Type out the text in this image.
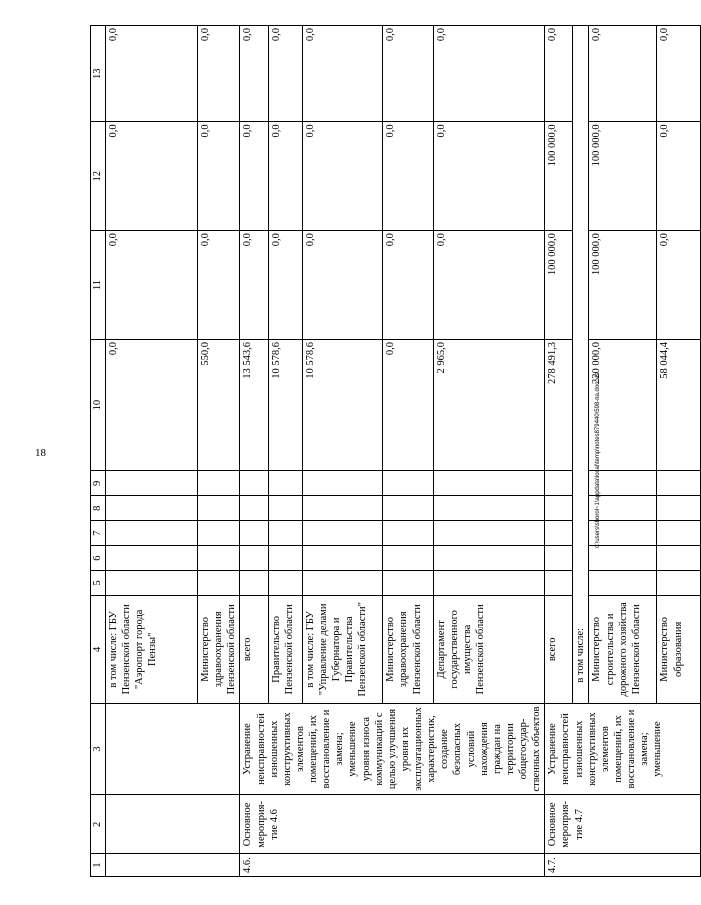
18	c:\users\sborol~1\appdata\local\temp\notes879440\598-па.doc.xls
1	2	3	4	5	6	7	8	9	10	11	12	13
			в том числе: ГБУ Пензенской области "Аэропорт города Пензы"						0,0	0,0	0,0	0,0
			Министерство здравоохранения Пензенской области						550,0	0,0	0,0	0,0
4.6.	Основное мероприя-тие 4.6	Устранение неисправностей изношенных конструктивных элементов помещений, их восстановление и замена; уменьшение уровня износа коммуникаций с целью улучшения уровня их эксплуатационных характеристик, создание безопасных условий нахождения граждан на территории общегосудар-ственных объектов	всего						13 543,6	0,0	0,0	0,0
			Правительство Пензенской области						10 578,6	0,0	0,0	0,0
			в том числе: ГБУ "Управление делами Губернатора и Правительства Пензенской области"						10 578,6	0,0	0,0	0,0
			Министерство здравоохранения Пензенской области						0,0	0,0	0,0	0,0
			Департамент государственного имущества Пензенской области						2 965,0	0,0	0,0	0,0
4.7.	Основное мероприя-тие 4.7	Устранение неисправностей изношенных конструктивных элементов помещений, их восстановление и замена; уменьшение	всего						278 491,3	100 000,0	100 000,0	0,0
			в том числе:									
			Министерство строительства и дорожного хозяйства Пензенской области						220 000,0	100 000,0	100 000,0	0,0
			Министерство образования						58 044,4	0,0	0,0	0,0
